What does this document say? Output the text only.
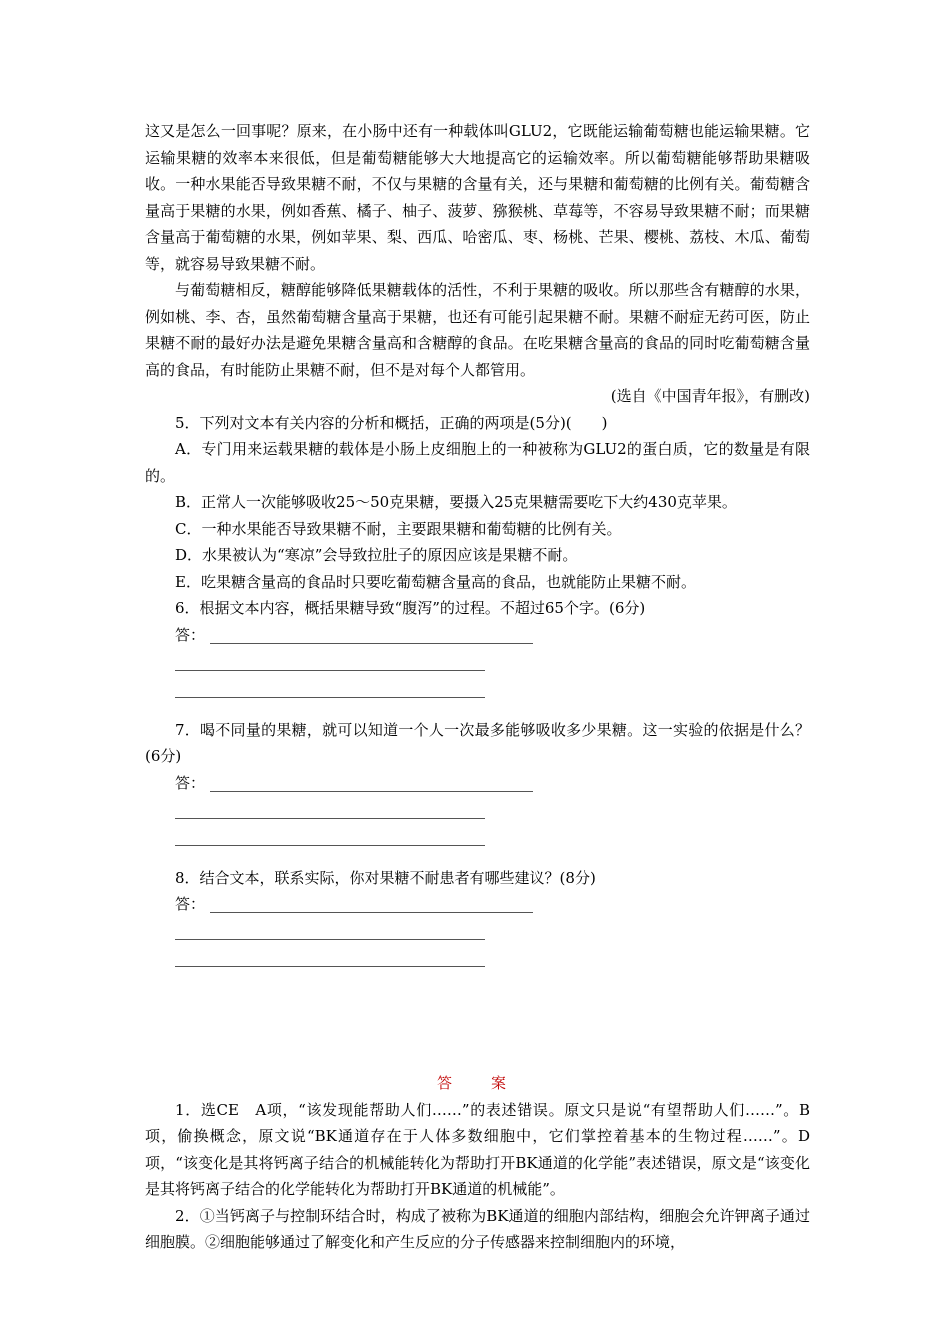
这又是怎么一回事呢？原来，在小肠中还有一种载体叫GLU2，它既能运输葡萄糖也能运输果糖。它运输果糖的效率本来很低，但是葡萄糖能够大大地提高它的运输效率。所以葡萄糖能够帮助果糖吸收。一种水果能否导致果糖不耐，不仅与果糖的含量有关，还与果糖和葡萄糖的比例有关。葡萄糖含量高于果糖的水果，例如香蕉、橘子、柚子、菠萝、猕猴桃、草莓等，不容易导致果糖不耐；而果糖含量高于葡萄糖的水果，例如苹果、梨、西瓜、哈密瓜、枣、杨桃、芒果、樱桃、荔枝、木瓜、葡萄等，就容易导致果糖不耐。

与葡萄糖相反，糖醇能够降低果糖载体的活性，不利于果糖的吸收。所以那些含有糖醇的水果，例如桃、李、杏，虽然葡萄糖含量高于果糖，也还有可能引起果糖不耐。果糖不耐症无药可医，防止果糖不耐的最好办法是避免果糖含量高和含糖醇的食品。在吃果糖含量高的食品的同时吃葡萄糖含量高的食品，有时能防止果糖不耐，但不是对每个人都管用。

(选自《中国青年报》，有删改)

5．下列对文本有关内容的分析和概括，正确的两项是(5分)(　　)

A．专门用来运载果糖的载体是小肠上皮细胞上的一种被称为GLU2的蛋白质，它的数量是有限的。

B．正常人一次能够吸收25～50克果糖，要摄入25克果糖需要吃下大约430克苹果。

C．一种水果能否导致果糖不耐，主要跟果糖和葡萄糖的比例有关。

D．水果被认为“寒凉”会导致拉肚子的原因应该是果糖不耐。

E．吃果糖含量高的食品时只要吃葡萄糖含量高的食品，也就能防止果糖不耐。

6．根据文本内容，概括果糖导致“腹泻”的过程。不超过65个字。(6分)

答：

7．喝不同量的果糖，就可以知道一个人一次最多能够吸收多少果糖。这一实验的依据是什么？(6分)

答：

8．结合文本，联系实际，你对果糖不耐患者有哪些建议？(8分)

答：

答　案

1．选CE　A项，“该发现能帮助人们……”的表述错误。原文只是说“有望帮助人们……”。B项，偷换概念，原文说“BK通道存在于人体多数细胞中，它们掌控着基本的生物过程……”。D项，“该变化是其将钙离子结合的机械能转化为帮助打开BK通道的化学能”表述错误，原文是“该变化是其将钙离子结合的化学能转化为帮助打开BK通道的机械能”。

2．①当钙离子与控制环结合时，构成了被称为BK通道的细胞内部结构，细胞会允许钾离子通过细胞膜。②细胞能够通过了解变化和产生反应的分子传感器来控制细胞内的环境，
